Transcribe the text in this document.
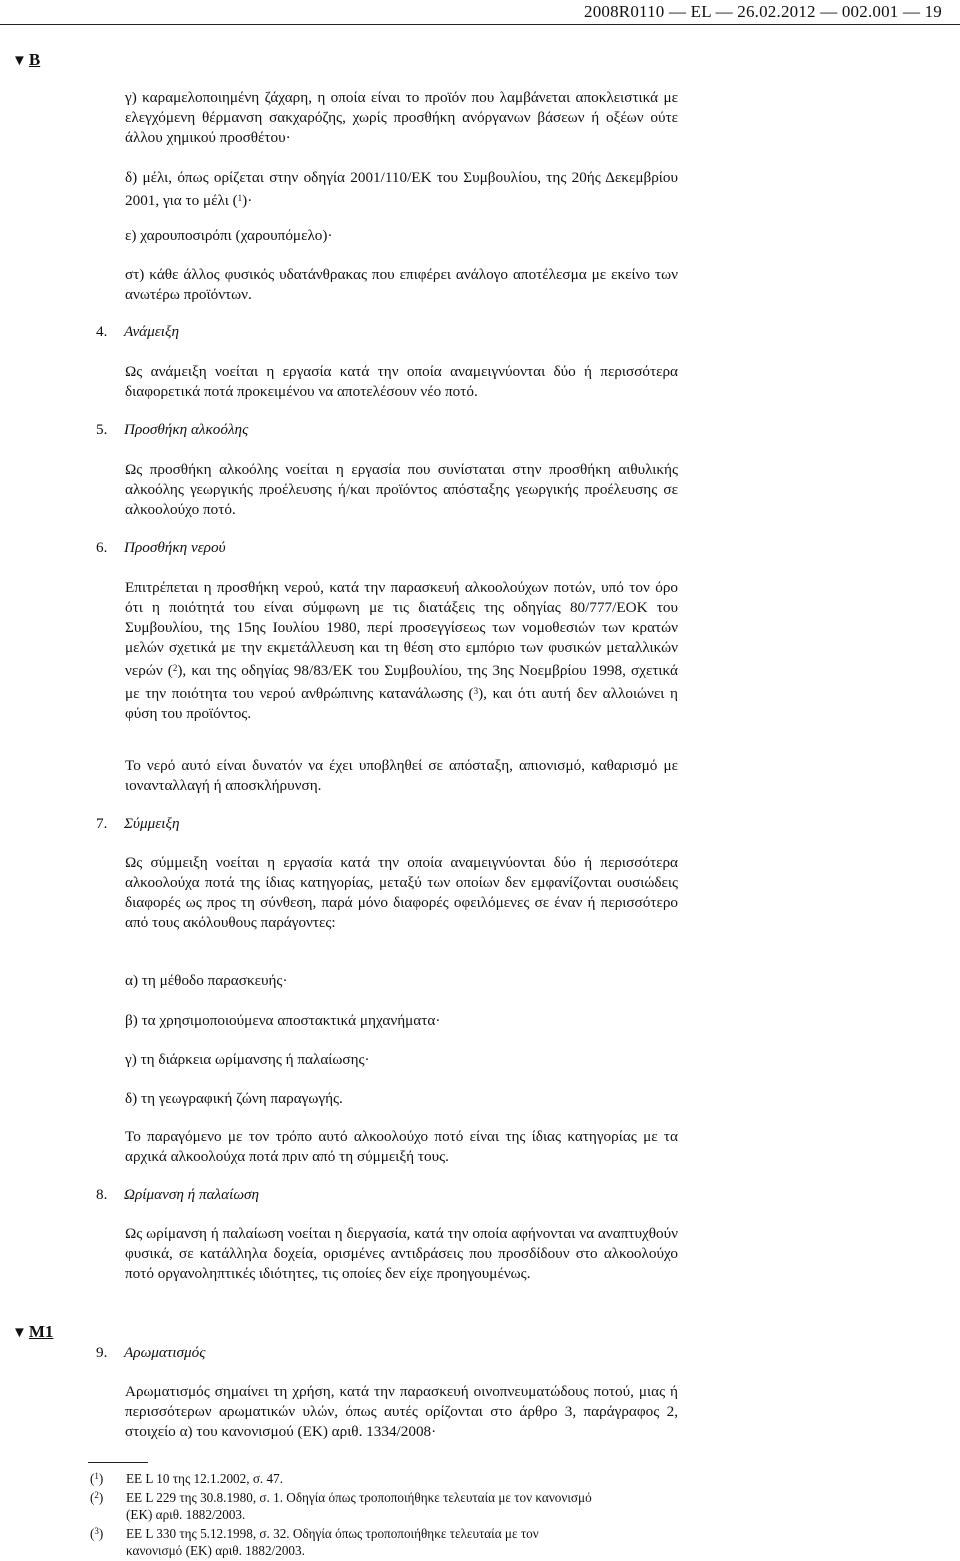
2008R0110 — EL — 26.02.2012 — 002.001 — 19
▼ B
▼ M1
γ) καραμελοποιημένη ζάχαρη, η οποία είναι το προϊόν που λαμβάνεται αποκλειστικά με ελεγχόμενη θέρμανση σακχαρόζης, χωρίς προσθήκη ανόργανων βάσεων ή οξέων ούτε άλλου χημικού προσθέτου·
δ) μέλι, όπως ορίζεται στην οδηγία 2001/110/ΕΚ του Συμβουλίου, της 20ής Δεκεμβρίου 2001, για το μέλι ($^1$)·
ε) χαρουποσιρόπι (χαρουπόμελο)·
στ) κάθε άλλος φυσικός υδατάνθρακας που επιφέρει ανάλογο αποτέλεσμα με εκείνο των ανωτέρω προϊόντων.
4. Ανάμειξη
Ως ανάμειξη νοείται η εργασία κατά την οποία αναμειγνύονται δύο ή περισσότερα διαφορετικά ποτά προκειμένου να αποτελέσουν νέο ποτό.
5. Προσθήκη αλκοόλης
Ως προσθήκη αλκοόλης νοείται η εργασία που συνίσταται στην προσθήκη αιθυλικής αλκοόλης γεωργικής προέλευσης ή/και προϊόντος απόσταξης γεωργικής προέλευσης σε αλκοολούχο ποτό.
6. Προσθήκη νερού
Επιτρέπεται η προσθήκη νερού, κατά την παρασκευή αλκοολούχων ποτών, υπό τον όρο ότι η ποιότητά του είναι σύμφωνη με τις διατάξεις της οδηγίας 80/777/ΕΟΚ του Συμβουλίου, της 15ης Ιουλίου 1980, περί προσεγγίσεως των νομοθεσιών των κρατών μελών σχετικά με την εκμετάλλευση και τη θέση στο εμπόριο των φυσικών μεταλλικών νερών ($^2$), και της οδηγίας 98/83/ΕΚ του Συμβουλίου, της 3ης Νοεμβρίου 1998, σχετικά με την ποιότητα του νερού ανθρώπινης κατανάλωσης ($^3$), και ότι αυτή δεν αλλοιώνει η φύση του προϊόντος.
Το νερό αυτό είναι δυνατόν να έχει υποβληθεί σε απόσταξη, απιονισμό, καθαρισμό με ιονανταλλαγή ή αποσκλήρυνση.
7. Σύμμειξη
Ως σύμμειξη νοείται η εργασία κατά την οποία αναμειγνύονται δύο ή περισσότερα αλκοολούχα ποτά της ίδιας κατηγορίας, μεταξύ των οποίων δεν εμφανίζονται ουσιώδεις διαφορές ως προς τη σύνθεση, παρά μόνο διαφορές οφειλόμενες σε έναν ή περισσότερο από τους ακόλουθους παράγοντες:
α) τη μέθοδο παρασκευής·
β) τα χρησιμοποιούμενα αποστακτικά μηχανήματα·
γ) τη διάρκεια ωρίμανσης ή παλαίωσης·
δ) τη γεωγραφική ζώνη παραγωγής.
Το παραγόμενο με τον τρόπο αυτό αλκοολούχο ποτό είναι της ίδιας κατηγορίας με τα αρχικά αλκοολούχα ποτά πριν από τη σύμμειξή τους.
8. Ωρίμανση ή παλαίωση
Ως ωρίμανση ή παλαίωση νοείται η διεργασία, κατά την οποία αφήνονται να αναπτυχθούν φυσικά, σε κατάλληλα δοχεία, ορισμένες αντιδράσεις που προσδίδουν στο αλκοολούχο ποτό οργανοληπτικές ιδιότητες, τις οποίες δεν είχε προηγουμένως.
9. Αρωματισμός
Αρωματισμός σημαίνει τη χρήση, κατά την παρασκευή οινοπνευματώδους ποτού, μιας ή περισσότερων αρωματικών υλών, όπως αυτές ορίζονται στο άρθρο 3, παράγραφος 2, στοιχείο α) του κανονισμού (ΕΚ) αριθ. 1334/2008·
($^1$) ΕΕ L 10 της 12.1.2002, σ. 47.
($^2$) ΕΕ L 229 της 30.8.1980, σ. 1. Οδηγία όπως τροποποιήθηκε τελευταία με τον κανονισμό
(ΕΚ) αριθ. 1882/2003.
($^3$) ΕΕ L 330 της 5.12.1998, σ. 32. Οδηγία όπως τροποποιήθηκε τελευταία με τον
κανονισμό (ΕΚ) αριθ. 1882/2003.
